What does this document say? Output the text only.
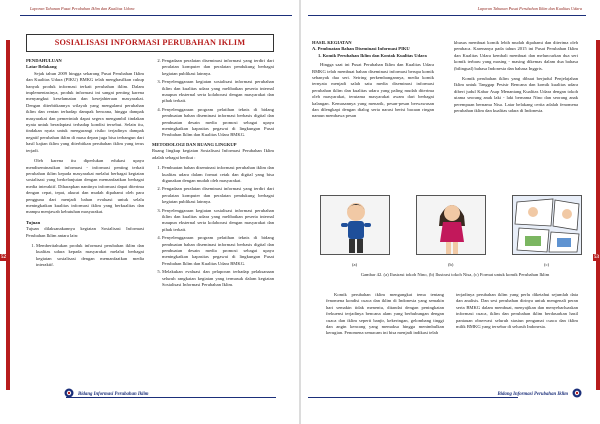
Laporan Tahunan Pusat Perubahan Iklim dan Kualitas Udara
52
SOSIALISASI INFORMASI PERUBAHAN IKLIM

PENDAHULUAN

Latar Belakang

Sejak tahun 2009 hingga sekarang Pusat Perubahan Iklim dan Kualitas Udara (PIKU) BMKG telah menghasilkan cukup banyak produk informasi terkait perubahan iklim. Dalam implementasinya, produk informasi ini sangat penting karena menyangkut keselamatan dan kesejahteraan masyarakat. Dengan diterbitkannya wilayah yang mengalami perubahan iklim dan rentan terhadap dampak bencana, hingga dampak masyarakat dan pemerintah dapat segera mengambil tindakan nyata untuk beradaptasi terhadap kondisi tersebut. Selain itu, tindakan nyata untuk mengurangi risiko terjadinya dampak negatif perubahan iklim di masa depan juga bisa terbangun dari hasil kajian iklim yang diterbitkan perubahan iklim yang terus terjadi.

Oleh karena itu diperlukan edukasi upaya mendiseminasikan informasi - informasi penting terkait perubahan iklim kepada masyarakat melalui berbagai kegiatan sosialisasi yang berkelanjutan dengan memanfaatkan berbagai media interaktif. Diharapkan nantinya informasi dapat diterima dengan cepat, tepat, akurat dan mudah dipahami oleh para pengguna dari menjadi bahan evaluasi untuk selalu meningkatkan kualitas informasi iklim yang berkualitas dan mampu menjawab kebutuhan masyarakat.

Tujuan

Tujuan dilaksanakannya kegiatan Sosialisasi Informasi Perubahan Iklim antara lain:

1. Memberitahukan produk informasi perubahan iklim dan kualitas udara kepada masyarakat melalui berbagai kegiatan sosialisasi dengan memanfaatkan media interaktif.
2. Pengadaan peralatan diseminasi informasi yang terdiri dari peralatan komputer dan peralatan pendukung berbagai kegiatan publikasi lainnya.
3. Penyelenggaraan kegiatan sosialisasi informasi perubahan iklim dan kualitas udara yang melibatkan peserta internal maupun eksternal serta kolaborasi dengan masyarakat dan pihak terkait.
4. Penyelenggaraan program pelatihan teknis di bidang pembuatan bahan diseminasi informasi berbasis digital dan pembuatan desain media promosi sebagai upaya meningkatkan kapasitas pegawai di lingkungan Pusat Perubahan Iklim dan Kualitas Udara BMKG.

METODOLOGI DAN RUANG LINGKUP

Ruang lingkup kegiatan Sosialisasi Informasi Perubahan Iklim adalah sebagai berikut :

1. Pembuatan bahan diseminasi informasi perubahan iklim dan kualitas udara dalam format cetak dan digital yang bisa digunakan dengan mudah oleh masyarakat.
2. Pengadaan peralatan diseminasi informasi yang terdiri dari peralatan komputer dan peralatan pendukung berbagai kegiatan publikasi lainnya.
3. Penyelenggaraan kegiatan sosialisasi informasi perubahan iklim dan kualitas udara yang melibatkan peserta internal maupun eksternal serta kolaborasi dengan masyarakat dan pihak terkait.
4. Penyelenggaraan program pelatihan teknis di bidang pembuatan bahan diseminasi informasi berbasis digital dan pembuatan desain media promosi sebagai upaya meningkatkan kapasitas pegawai di lingkungan Pusat Perubahan Iklim dan Kualitas Udara BMKG.
5. Melakukan evaluasi dan pelaporan terhadap pelaksanaan seluruh rangkaian kegiatan yang termasuk dalam kegiatan Sosialisasi Informasi Perubahan Iklim.
Bidang Informasi Perubahan Iklim
Laporan Tahunan Pusat Perubahan Iklim dan Kualitas Udara
53

HASIL KEGIATAN

A. Pembuatan Bahan Diseminasi Informasi PIKU

1. Komik Perubahan Iklim dan Kontak Kualitas Udara

Hingga saat ini Pusat Perubahan Iklim dan Kualitas Udara BMKG telah membuat bahan diseminasi informasi berupa komik sebanyak dua seri. Seiring perkembangannya, media komik ternyata menjadi salah satu media diseminasi informasi perubahan iklim dan kualitas udara yang paling mudah diterima oleh masyarakat, terutama masyarakat awam dari berbagai kalangan. Kemasannya yang menarik, pesan-pesan berwawasan dan dilengkapi dengan dialog serta narasi berisi bacaan ringan namun membawa pesan

khusus membuat komik lebih mudah dipahami dan diterima oleh pembaca. Karenanya pada tahun 2015 ini Pusat Perubahan Iklim dan Kualitas Udara kembali membuat dan meluncurkan dua seri komik terbaru yang masing - masing dikemas dalam dua bahasa (bilingual) bahasa Indonesia dan bahasa Inggris.

Komik perubahan iklim yang dibuat berjudul Penjelajahan Iklim untuk Tanggap Pesisir Bencana dan komik kualitas udara diberi judul Kabar Asap Menantang Kualitas Udara dengan tokoh utama seorang anak laki - laki bernama Nino dan seorang anak perempuan bernama Nisa. Latar belakang cerita adalah fenomena perubahan iklim dan kualitas udara di Indonesia.

(a)	(b)	(c)
Gambar 42. (a) Ilustrasi tokoh Nino, (b) Ilustrasi tokoh Nisa, (c) Format untuk komik Perubahan Iklim

Komik perubahan iklim mengangkat tema tentang fenomena kondisi cuaca dan iklim di Indonesia yang semakin hari semakin tidak menentu, ditandai dengan peningkatan frekuensi terjadinya bencana alam yang berhubungan dengan cuaca dan iklim seperti banjir, kekeringan, gelombang tinggi dan angin kencang yang memaksa hingga menimbulkan kerugian. Fenomena semacam ini bisa menjadi indikasi telah

terjadinya perubahan iklim yang perlu diketahui sejumlah data dan analisis. Dan sesi perubahan dirinya untuk mengenali peran serta BMKG dalam membuat, menyajikan dan menyebarluaskan informasi cuaca, iklim dan perubahan iklim berdasarkan hasil pantauan observasi seluruh stasiun pengamat cuaca dan iklim milik BMKG yang tersebar di seluruh Indonesia.

Bidang Informasi Perubahan Iklim
